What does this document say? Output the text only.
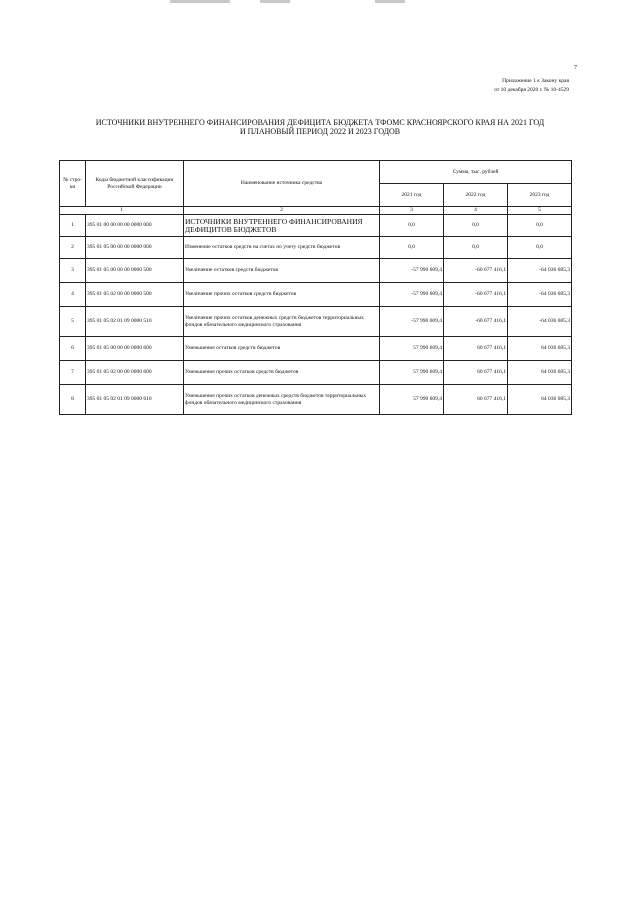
7
Приложение 1 к Закону края
от 10 декабря 2020 г. № 10-4529
ИСТОЧНИКИ ВНУТРЕННЕГО ФИНАНСИРОВАНИЯ ДЕФИЦИТА БЮДЖЕТА ТФОМС КРАСНОЯРСКОГО КРАЯ НА 2021 ГОД
И ПЛАНОВЫЙ ПЕРИОД 2022 И 2023 ГОДОВ
№ стро-ки	Коды бюджетной классификации Российской Федерации	Наименование источника средства	Сумма, тыс. рублей		
			2021 год	2022 год	2023 год
1		2	3	4	5
1	395 01 00 00 00 00 0000 000	ИСТОЧНИКИ ВНУТРЕННЕГО ФИНАНСИРОВАНИЯ ДЕФИЦИТОВ БЮДЖЕТОВ	0,0	0,0	0,0
2	395 01 05 00 00 00 0000 000	Изменение остатков средств на счетах по учету средств бюджетов	0,0	0,0	0,0
3	395 01 05 00 00 00 0000 500	Увеличение остатков средств бюджетов	-57 990 609,4	-60 677 416,1	-64 036 685,3
4	395 01 05 02 00 00 0000 500	Увеличение прочих остатков средств бюджетов	-57 990 609,4	-60 677 416,1	-64 036 685,3
5	395 01 05 02 01 09 0000 510	Увеличение прочих остатков денежных средств бюджетов территориальных фондов обязательного медицинского страхования	-57 990 609,4	-60 677 416,1	-64 036 685,3
6	395 01 05 00 00 00 0000 600	Уменьшение остатков средств бюджетов	57 990 609,4	60 677 416,1	64 036 685,3
7	395 01 05 02 00 00 0000 600	Уменьшение прочих остатков средств бюджетов	57 990 609,4	60 677 416,1	64 036 685,3
8	395 01 05 02 01 09 0000 610	Уменьшение прочих остатков денежных средств бюджетов территориальных фондов обязательного медицинского страхования	57 990 609,4	60 677 416,1	64 036 685,3
